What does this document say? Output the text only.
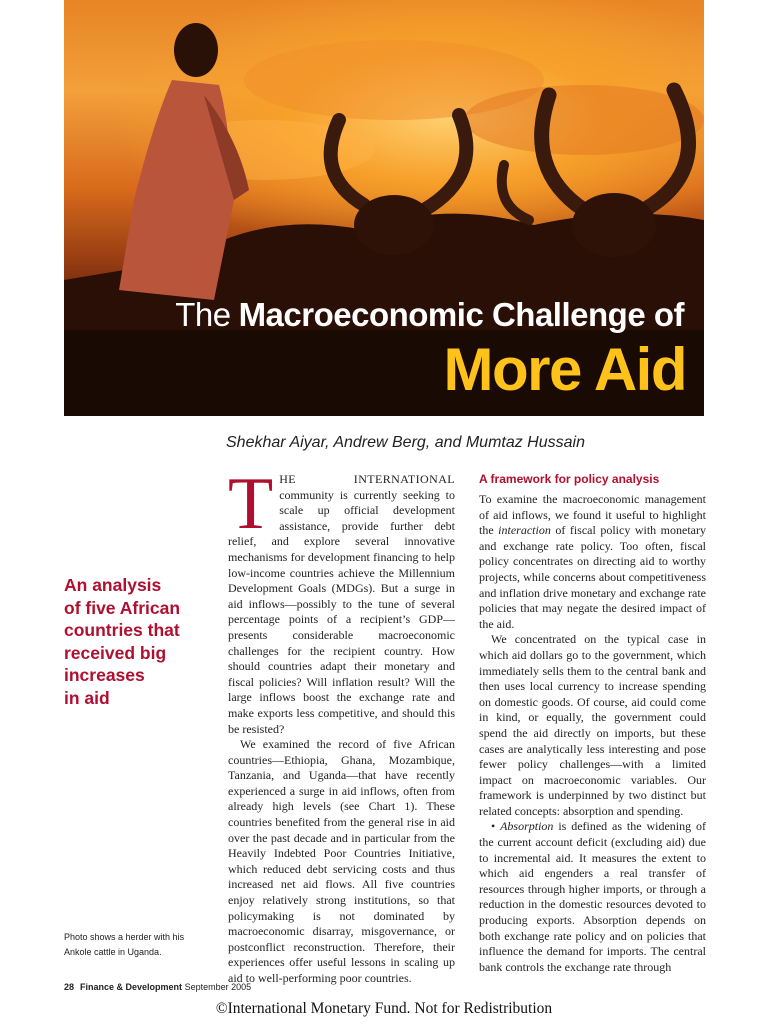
The Macroeconomic Challenge of
More Aid

Shekhar Aiyar, Andrew Berg, and Mumtaz Hussain

An analysis
of five African
countries that
received big
increases
in aid
Photo shows a herder with his
Ankole cattle in Uganda.

THE INTERNATIONAL community is currently seeking to scale up official development assistance, provide further debt relief, and explore several innovative mechanisms for development financing to help low-income countries achieve the Millennium Development Goals (MDGs). But a surge in aid inflows—possibly to the tune of several percentage points of a recipient’s GDP—presents considerable macroeconomic challenges for the recipient country. How should countries adapt their monetary and fiscal policies? Will inflation result? Will the large inflows boost the exchange rate and make exports less competitive, and should this be resisted?

We examined the record of five African countries—Ethiopia, Ghana, Mozambique, Tanzania, and Uganda—that have recently experienced a surge in aid inflows, often from already high levels (see Chart 1). These countries benefited from the general rise in aid over the past decade and in particular from the Heavily Indebted Poor Countries Initiative, which reduced debt servicing costs and thus increased net aid flows. All five countries enjoy relatively strong institutions, so that policymaking is not dominated by macroeconomic disarray, misgovernance, or postconflict reconstruction. Therefore, their experiences offer useful lessons in scaling up aid to well-performing poor countries.

A framework for policy analysis

To examine the macroeconomic management of aid inflows, we found it useful to highlight the interaction of fiscal policy with monetary and exchange rate policy. Too often, fiscal policy concentrates on directing aid to worthy projects, while concerns about competitiveness and inflation drive monetary and exchange rate policies that may negate the desired impact of the aid.

We concentrated on the typical case in which aid dollars go to the government, which immediately sells them to the central bank and then uses local currency to increase spending on domestic goods. Of course, aid could come in kind, or equally, the government could spend the aid directly on imports, but these cases are analytically less interesting and pose fewer policy challenges—with a limited impact on macroeconomic variables. Our framework is underpinned by two distinct but related concepts: absorption and spending.

• Absorption is defined as the widening of the current account deficit (excluding aid) due to incremental aid. It measures the extent to which aid engenders a real transfer of resources through higher imports, or through a reduction in the domestic resources devoted to producing exports. Absorption depends on both exchange rate policy and on policies that influence the demand for imports. The central bank controls the exchange rate through

28 Finance & Development September 2005

©International Monetary Fund. Not for Redistribution
